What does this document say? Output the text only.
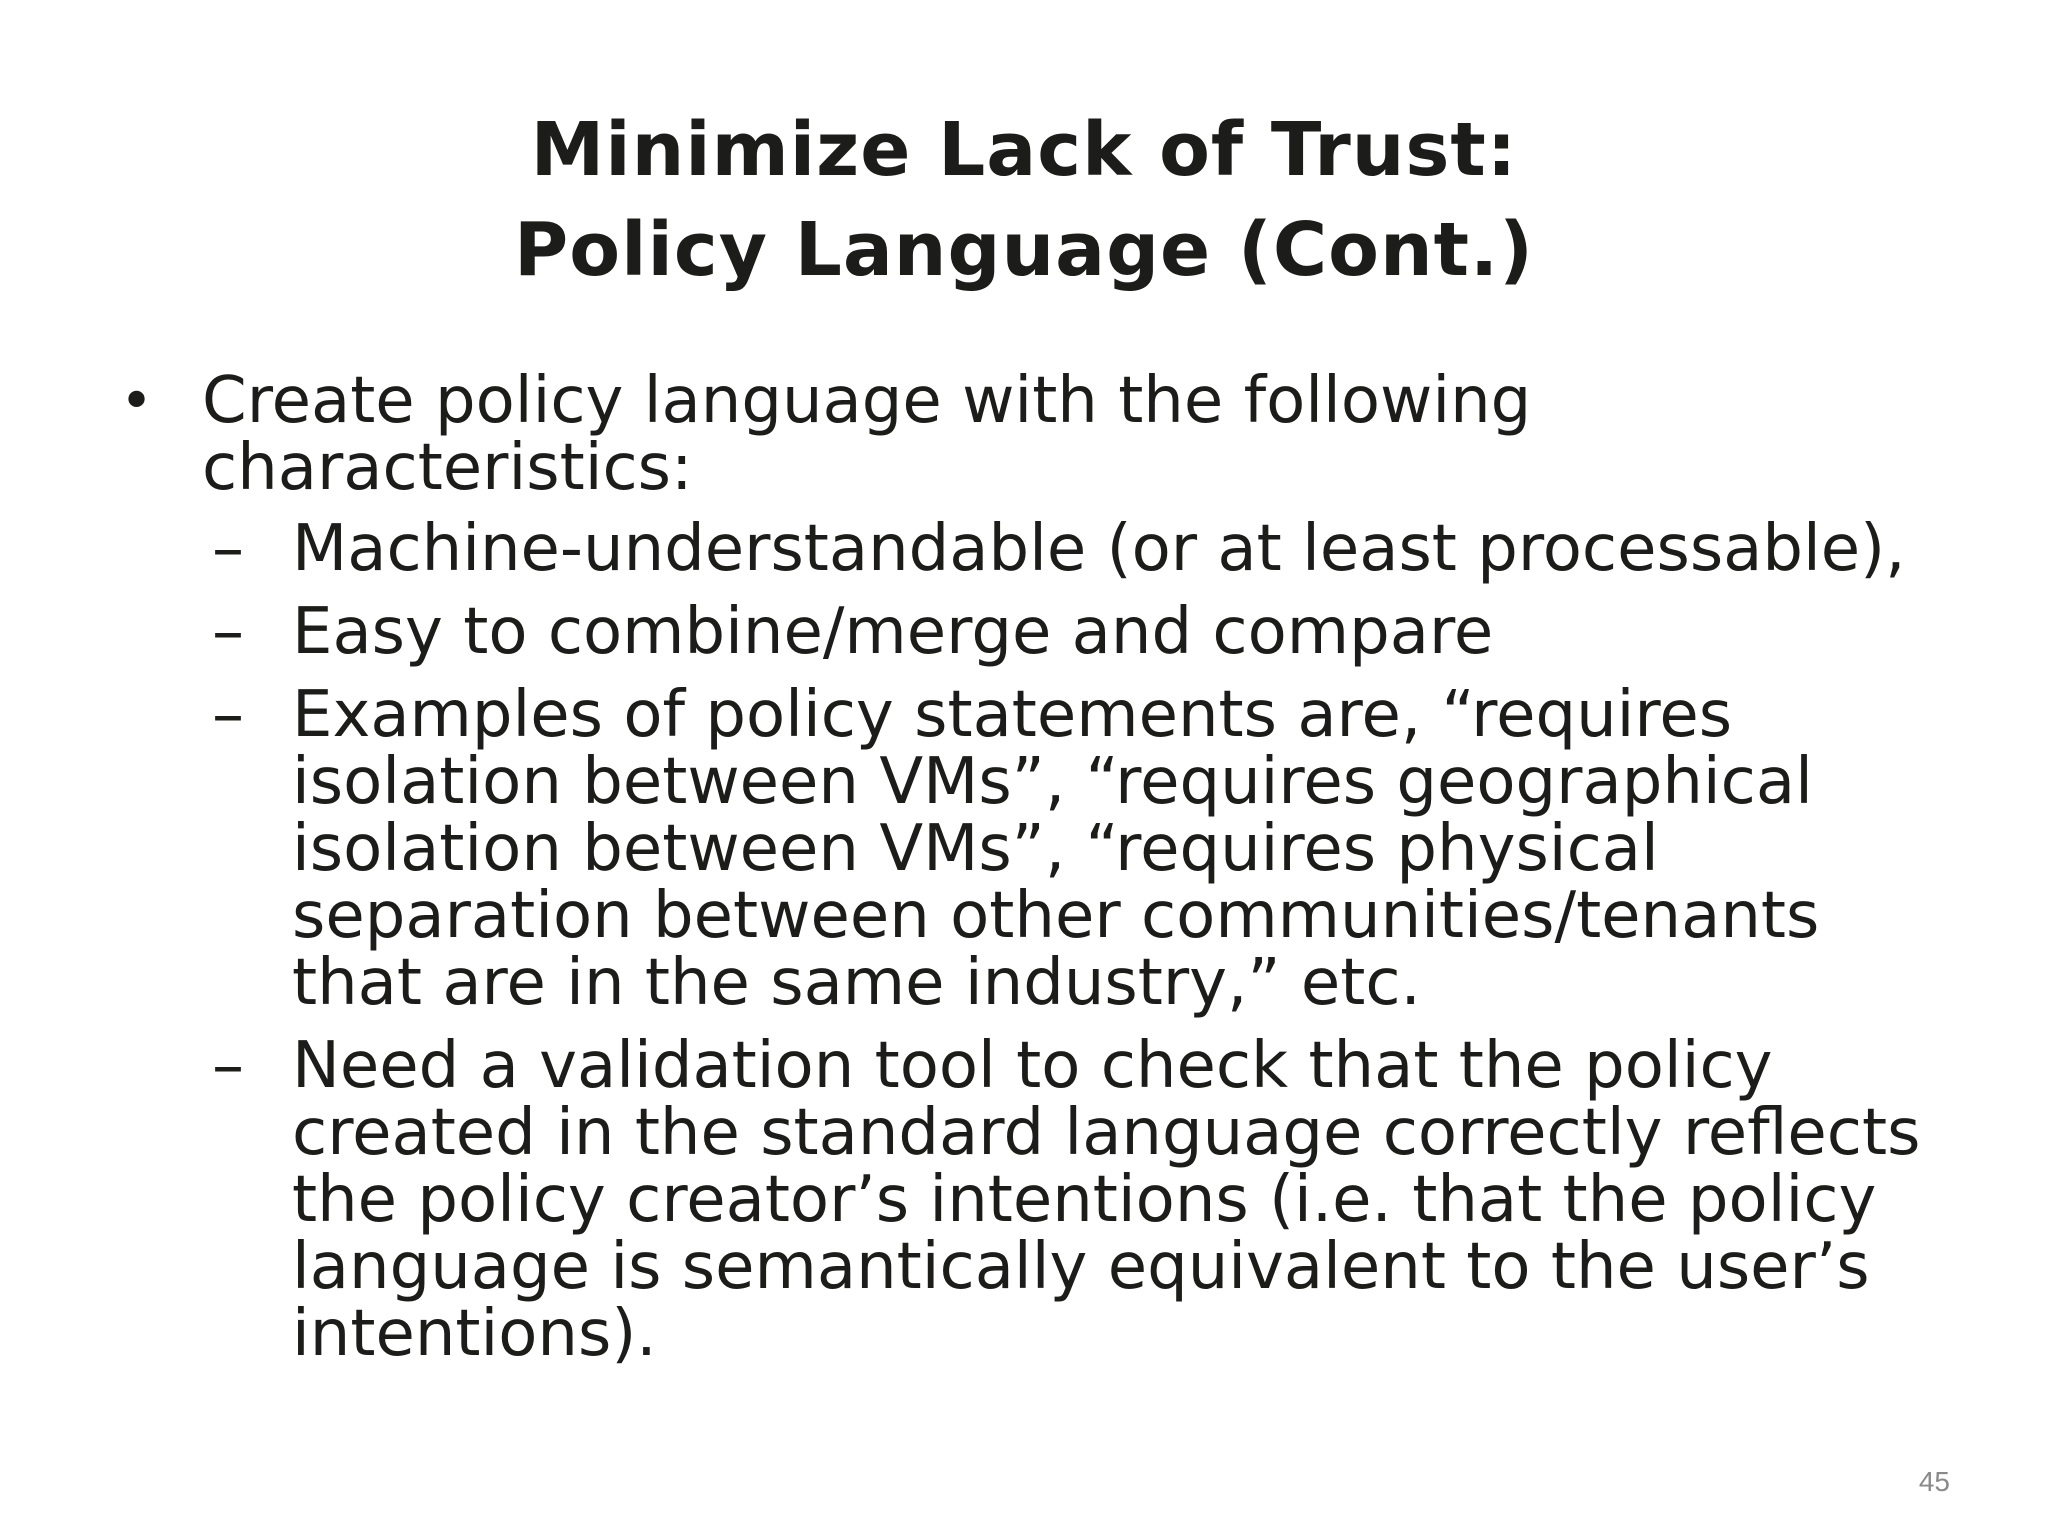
Minimize Lack of Trust:
Policy Language (Cont.)
• Create policy language with the following characteristics:
– Machine-understandable (or at least processable),
– Easy to combine/merge and compare
– Examples of policy statements are, “requires isolation between VMs”, “requires geographical isolation between VMs”, “requires physical separation between other communities/tenants that are in the same industry,” etc.
– Need a validation tool to check that the policy created in the standard language correctly reflects the policy creator’s intentions (i.e. that the policy language is semantically equivalent to the user’s intentions).
45
